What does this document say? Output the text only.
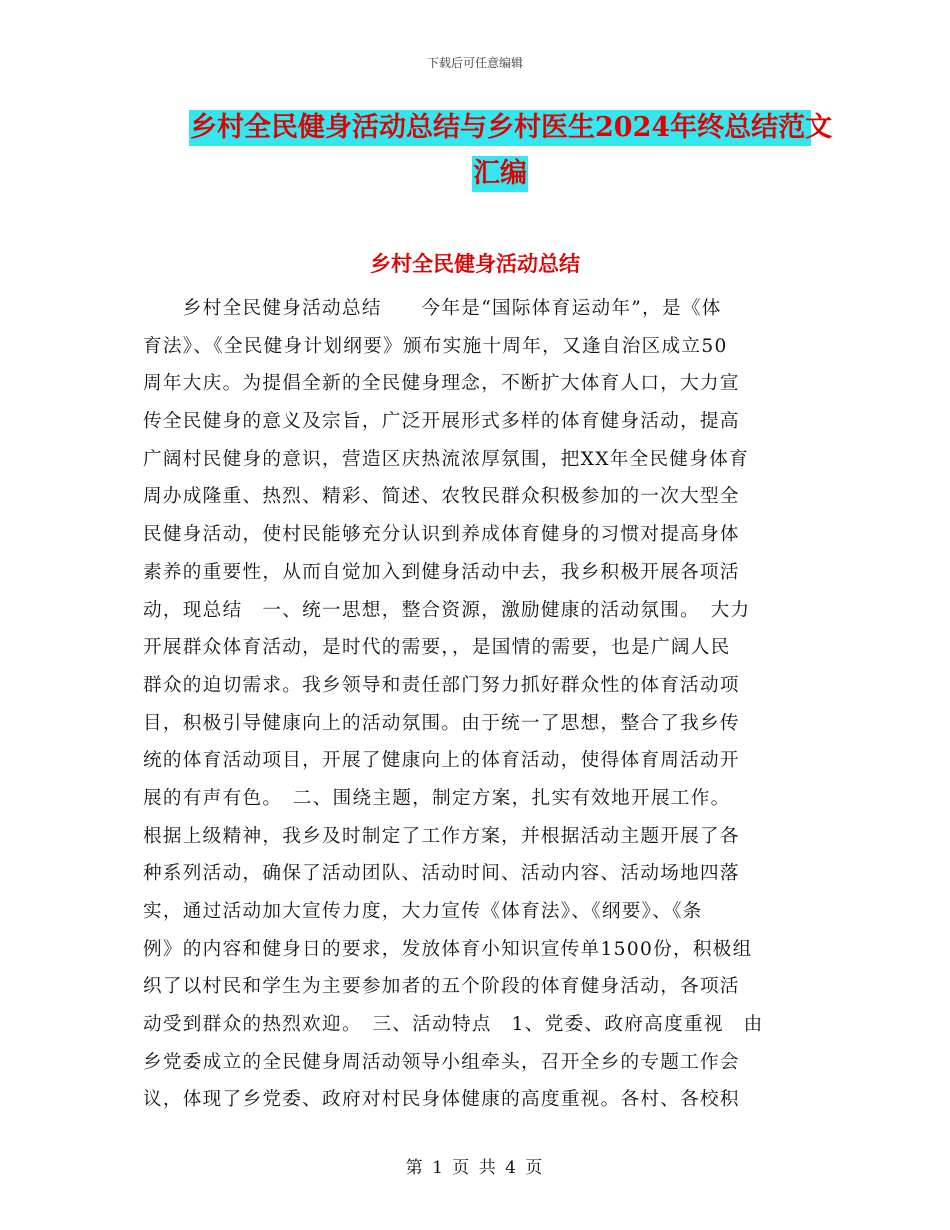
下载后可任意编辑
乡村全民健身活动总结与乡村医生2024年终总结范文
汇编
乡村全民健身活动总结
　　乡村全民健身活动总结　　今年是“国际体育运动年”，是《体
育法》、《全民健身计划纲要》颁布实施十周年，又逢自治区成立50
周年大庆。为提倡全新的全民健身理念，不断扩大体育人口，大力宣
传全民健身的意义及宗旨，广泛开展形式多样的体育健身活动，提高
广阔村民健身的意识，营造区庆热流浓厚氛围，把XX年全民健身体育
周办成隆重、热烈、精彩、简述、农牧民群众积极参加的一次大型全
民健身活动，使村民能够充分认识到养成体育健身的习惯对提高身体
素养的重要性，从而自觉加入到健身活动中去，我乡积极开展各项活
动，现总结　一、统一思想，整合资源，激励健康的活动氛围。　大力
开展群众体育活动，是时代的需要，，是国情的需要，也是广阔人民
群众的迫切需求。我乡领导和责任部门努力抓好群众性的体育活动项
目，积极引导健康向上的活动氛围。由于统一了思想，整合了我乡传
统的体育活动项目，开展了健康向上的体育活动，使得体育周活动开
展的有声有色。　二、围绕主题，制定方案，扎实有效地开展工作。
根据上级精神，我乡及时制定了工作方案，并根据活动主题开展了各
种系列活动，确保了活动团队、活动时间、活动内容、活动场地四落
实，通过活动加大宣传力度，大力宣传《体育法》、《纲要》、《条
例》的内容和健身日的要求，发放体育小知识宣传单1500份，积极组
织了以村民和学生为主要参加者的五个阶段的体育健身活动，各项活
动受到群众的热烈欢迎。　三、活动特点　1、党委、政府高度重视　由
乡党委成立的全民健身周活动领导小组牵头，召开全乡的专题工作会
议，体现了乡党委、政府对村民身体健康的高度重视。各村、各校积
第 1 页 共 4 页
